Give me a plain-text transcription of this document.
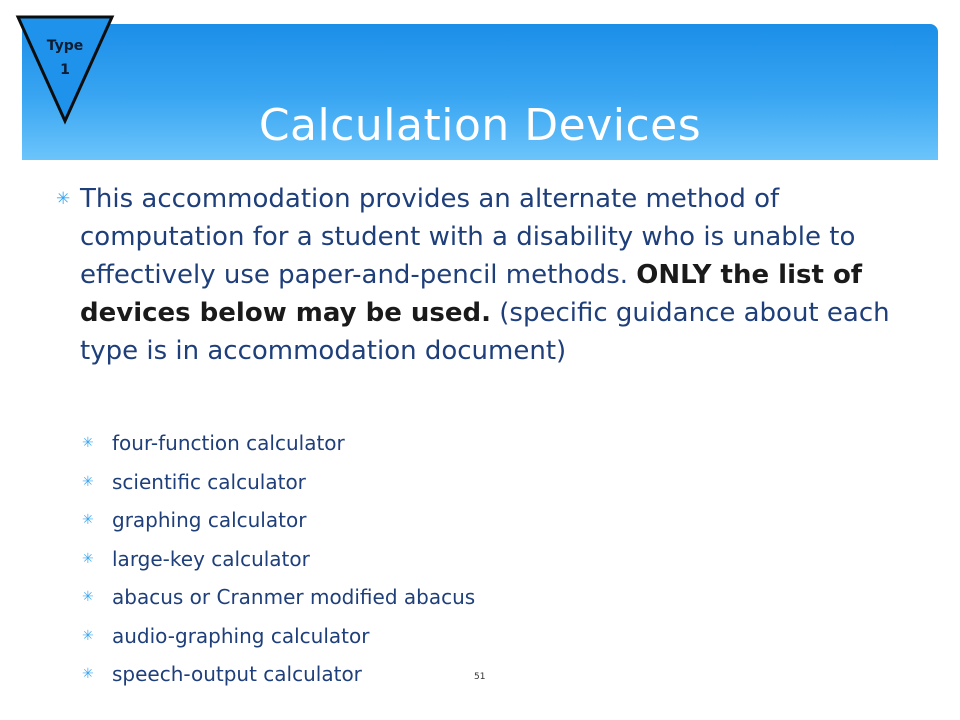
Calculation Devices
Type
1
✳ This accommodation provides an alternate method of computation for a student with a disability who is unable to effectively use paper-and-pencil methods. ONLY the list of devices below may be used. (specific guidance about each type is in accommodation document)
✳ four-function calculator
✳ scientific calculator
✳ graphing calculator
✳ large-key calculator
✳ abacus or Cranmer modified abacus
✳ audio-graphing calculator
✳ speech-output calculator	51
